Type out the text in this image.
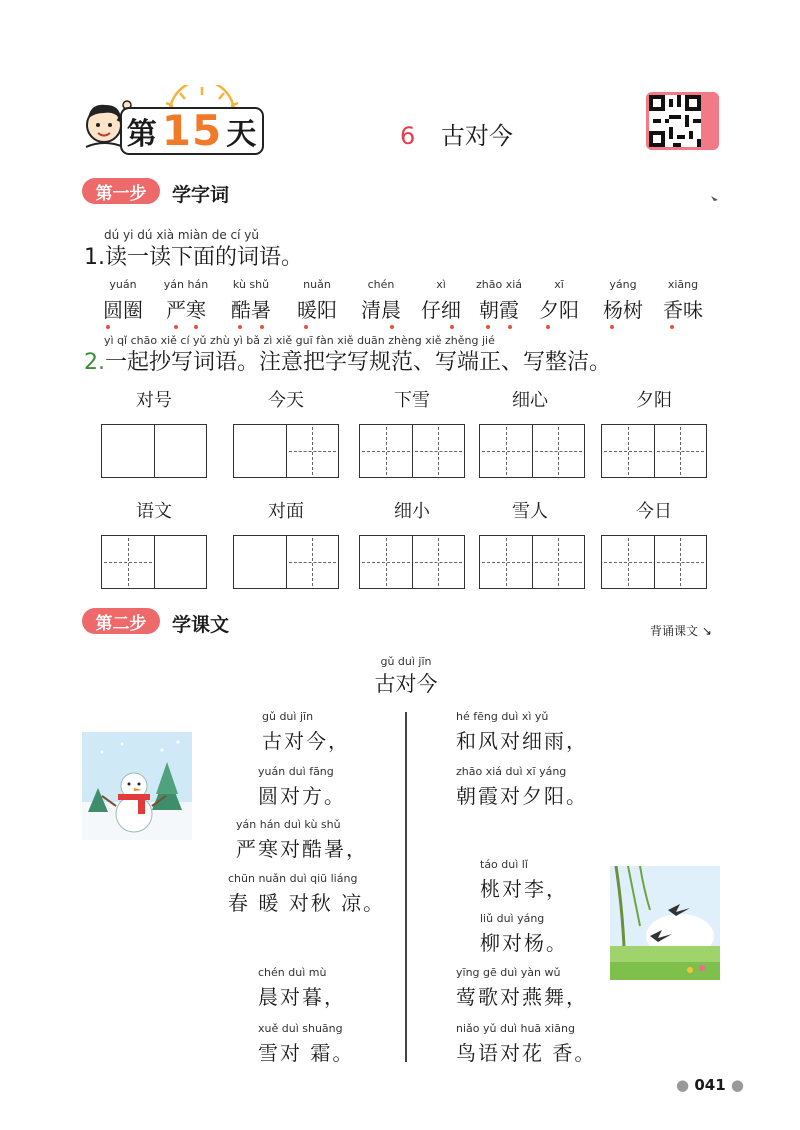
第 15 天	6 古对今
第一步	学字词
dú yi dú xià miàn de cí yǔ
1.读一读下面的词语。
yuán
圆圈
yán hán
严寒
kù shǔ
酷暑
nuǎn
暖阳
chén
清晨
xì
仔细
zhāo xiá
朝霞
xī
夕阳
yáng
杨树
xiāng
香味
yì qǐ chāo xiě cí yǔ zhù yì bǎ zì xiě guī fàn xiě duān zhèng xiě zhěng jié
2.一起抄写词语。注意把字写规范、写端正、写整洁。
对号	今天	下雪	细心	夕阳
语文	对面	细小	雪人	今日
第二步	学课文	背诵课文 ↘
gǔ duì jīn
古对今
gǔ duì jīn
古对今，
yuán duì fāng
圆对方。
yán hán duì kù shǔ
严寒对酷暑，
chūn nuǎn duì qiū liáng
春 暖 对秋 凉。
chén duì mù
晨对暮，
xuě duì shuāng
雪对 霜。
hé fēng duì xì yǔ
和风对细雨，
zhāo xiá duì xī yáng
朝霞对夕阳。
táo duì lǐ
桃对李，
liǔ duì yáng
柳对杨。
yīng gē duì yàn wǔ
莺歌对燕舞，
niǎo yǔ duì huā xiāng
鸟语对花 香。
● 041 ●
